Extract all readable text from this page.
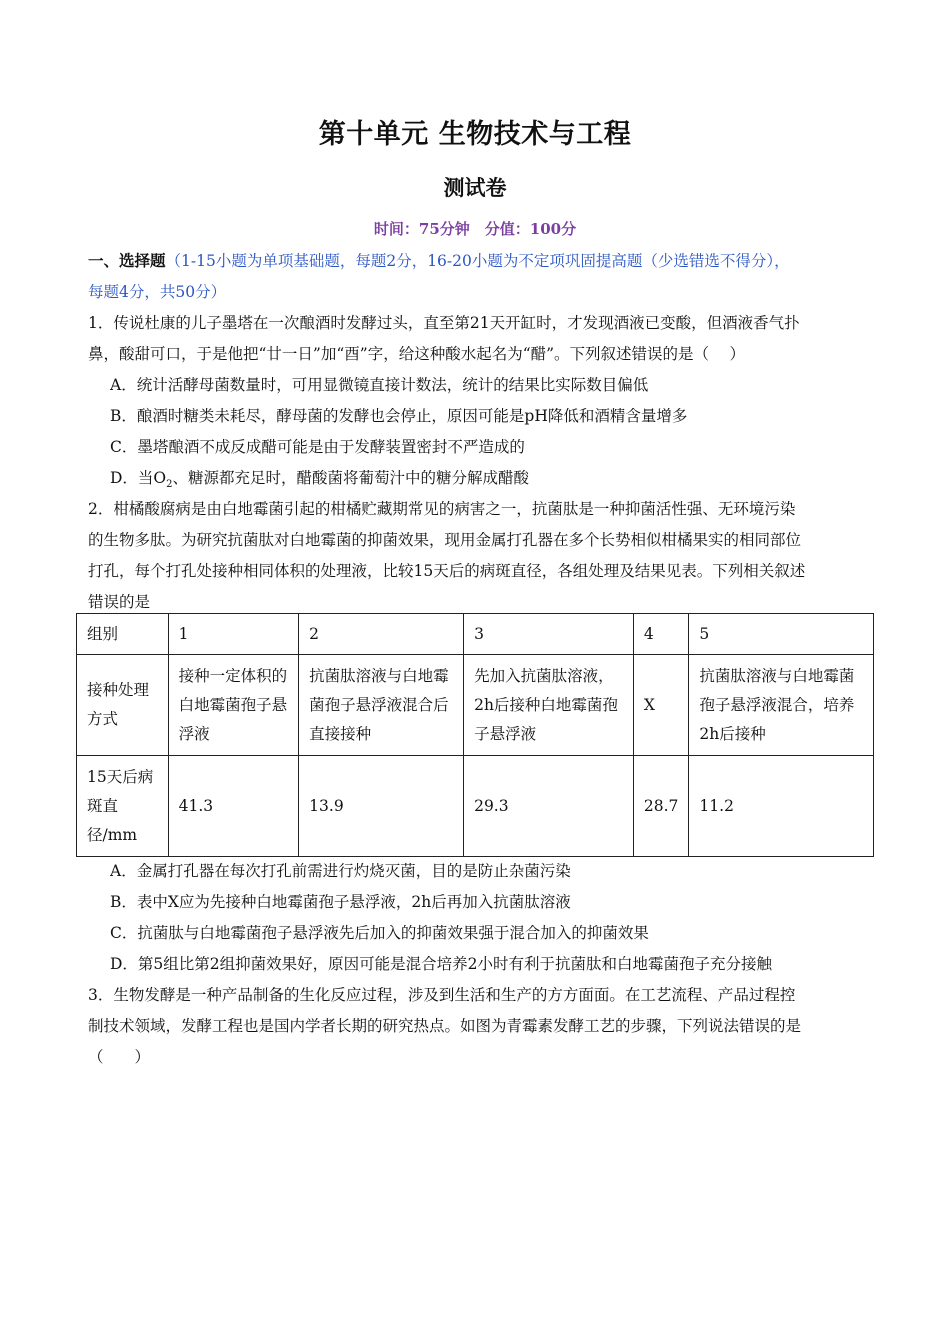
第十单元 生物技术与工程
测试卷
时间：75分钟　分值：100分
一、选择题（1-15小题为单项基础题，每题2分，16-20小题为不定项巩固提高题（少选错选不得分），
每题4分，共50分）
1．传说杜康的儿子墨塔在一次酿酒时发酵过头，直至第21天开缸时，才发现酒液已变酸，但酒液香气扑
鼻，酸甜可口，于是他把“廿一日”加“酉”字，给这种酸水起名为“醋”。下列叙述错误的是（　 ）
A．统计活酵母菌数量时，可用显微镜直接计数法，统计的结果比实际数目偏低
B．酿酒时糖类未耗尽，酵母菌的发酵也会停止，原因可能是pH降低和酒精含量增多
C．墨塔酿酒不成反成醋可能是由于发酵装置密封不严造成的
D．当$O_2$、糖源都充足时，醋酸菌将葡萄汁中的糖分解成醋酸
2．柑橘酸腐病是由白地霉菌引起的柑橘贮藏期常见的病害之一，抗菌肽是一种抑菌活性强、无环境污染
的生物多肽。为研究抗菌肽对白地霉菌的抑菌效果，现用金属打孔器在多个长势相似柑橘果实的相同部位
打孔，每个打孔处接种相同体积的处理液，比较15天后的病斑直径，各组处理及结果见表。下列相关叙述
错误的是
组别	1	2	3	4	5
接种处理方式	接种一定体积的白地霉菌孢子悬浮液	抗菌肽溶液与白地霉菌孢子悬浮液混合后直接接种	先加入抗菌肽溶液，2h后接种白地霉菌孢子悬浮液	X	抗菌肽溶液与白地霉菌孢子悬浮液混合，培养2h后接种
15天后病斑直径/mm	41.3	13.9	29.3	28.7	11.2
A．金属打孔器在每次打孔前需进行灼烧灭菌，目的是防止杂菌污染
B．表中X应为先接种白地霉菌孢子悬浮液，2h后再加入抗菌肽溶液
C．抗菌肽与白地霉菌孢子悬浮液先后加入的抑菌效果强于混合加入的抑菌效果
D．第5组比第2组抑菌效果好，原因可能是混合培养2小时有利于抗菌肽和白地霉菌孢子充分接触
3．生物发酵是一种产品制备的生化反应过程，涉及到生活和生产的方方面面。在工艺流程、产品过程控
制技术领域，发酵工程也是国内学者长期的研究热点。如图为青霉素发酵工艺的步骤，下列说法错误的是
（　　）
